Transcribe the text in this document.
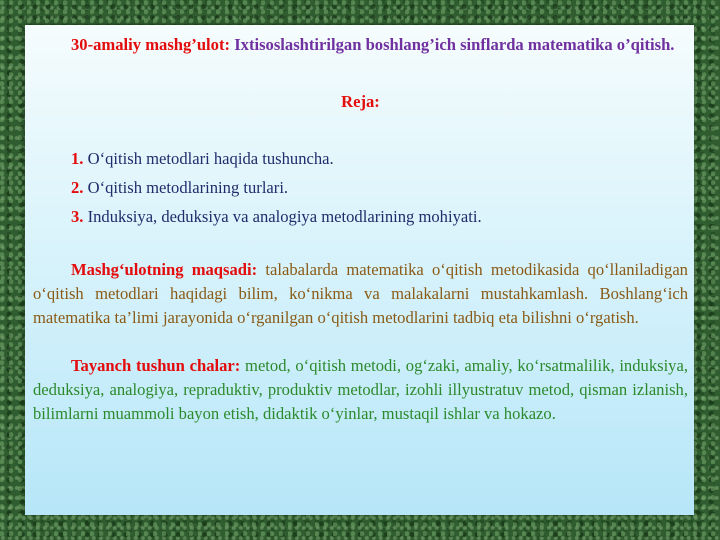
30-amaliy mashg’ulot: Ixtisoslashtirilgan boshlang’ich sinflarda matematika o’qitish.

Reja:

1. O‘qitish metodlari haqida tushuncha.

2. O‘qitish metodlarining turlari.

3. Induksiya, deduksiya va analogiya metodlarining mohiyati.

Mashg‘ulotning maqsadi: talabalarda matematika o‘qitish metodikasida qo‘llaniladigan o‘qitish metodlari haqidagi bilim, ko‘nikma va malakalarni mustahkamlash. Boshlang‘ich matematika ta’limi jarayonida o‘rganilgan o‘qitish metodlarini tadbiq eta bilishni o‘rgatish.

Tayanch tushun chalar: metod, o‘qitish metodi, og‘zaki, amaliy, ko‘rsatmalilik, induksiya, deduksiya, analogiya, repraduktiv, produktiv metodlar, izohli illyustratuv metod, qisman izlanish, bilimlarni muammoli bayon etish, didaktik o‘yinlar, mustaqil ishlar va hokazo.
